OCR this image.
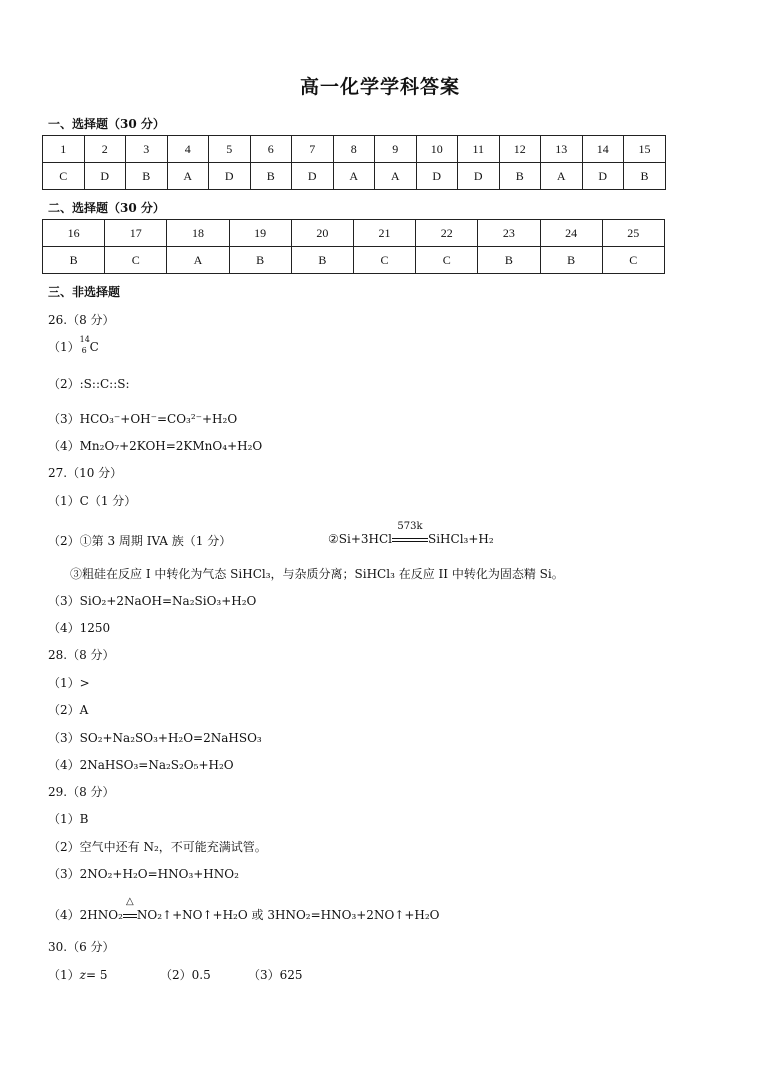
高一化学学科答案
一、选择题（30 分）
1	2	3	4	5	6	7	8	9	10	11	12	13	14	15
C	D	B	A	D	B	D	A	A	D	D	B	A	D	B
二、选择题（30 分）
16	17	18	19	20	21	22	23	24	25
B	C	A	B	B	C	C	B	B	C
三、非选择题
26.（8 分）
（1）
14
6 C
（2）:S::C::S:
（3）HCO₃⁻+OH⁻=CO₃²⁻+H₂O
（4）Mn₂O₇+2KOH=2KMnO₄+H₂O
27.（10 分）
（1）C（1 分）
（2）①第 3 周期 IVA 族（1 分）	②Si+3HCl
573k
SiHCl₃+H₂
③粗硅在反应 I 中转化为气态 SiHCl₃，与杂质分离；SiHCl₃ 在反应 II 中转化为固态精 Si。
（3）SiO₂+2NaOH=Na₂SiO₃+H₂O
（4）1250
28.（8 分）
（1）>
（2）A
（3）SO₂+Na₂SO₃+H₂O=2NaHSO₃
（4）2NaHSO₃=Na₂S₂O₅+H₂O
29.（8 分）
（1）B
（2）空气中还有 N₂，不可能充满试管。
（3）2NO₂+H₂O=HNO₃+HNO₂
（4）2HNO₂
△
NO₂↑+NO↑+H₂O 或 3HNO₂=HNO₃+2NO↑+H₂O
30.（6 分）
（1）z= 5	（2）0.5	（3）625
